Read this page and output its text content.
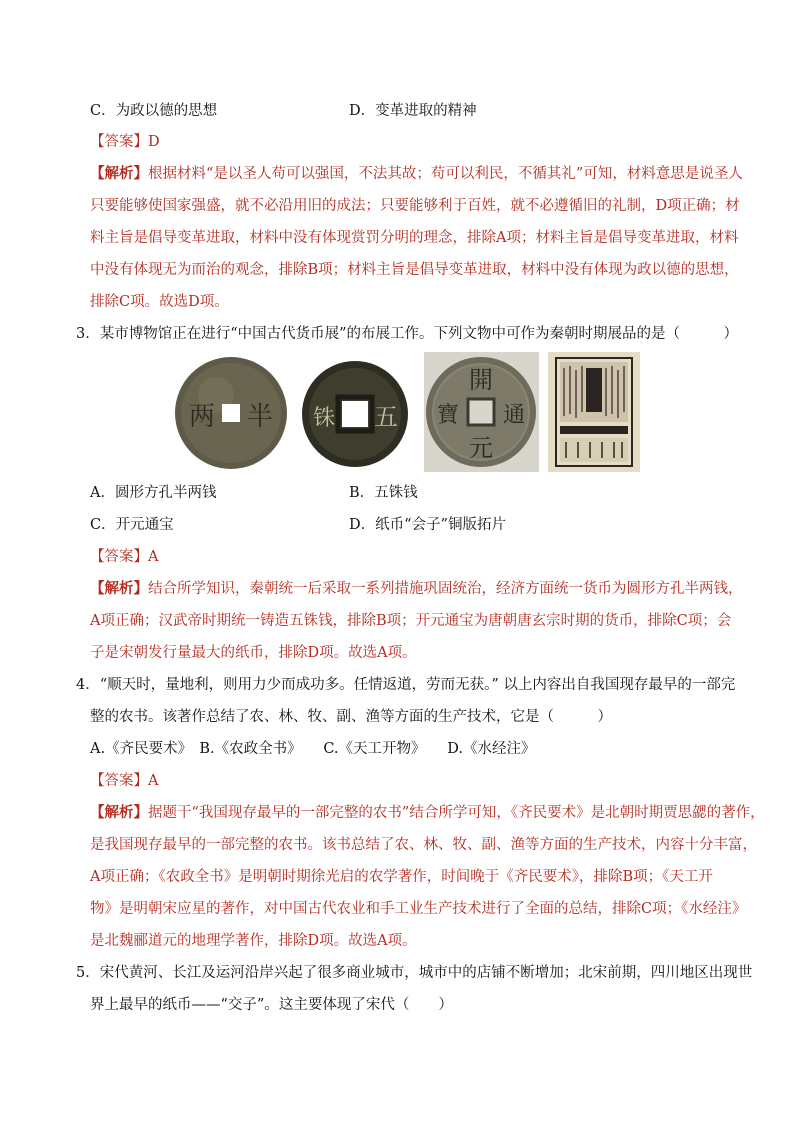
C．为政以德的思想	D．变革进取的精神
【答案】D
【解析】根据材料“是以圣人苟可以强国，不法其故；苟可以利民，不循其礼”可知，材料意思是说圣人
只要能够使国家强盛，就不必沿用旧的成法；只要能够利于百姓，就不必遵循旧的礼制，D项正确；材
料主旨是倡导变革进取，材料中没有体现赏罚分明的理念，排除A项；材料主旨是倡导变革进取，材料
中没有体现无为而治的观念，排除B项；材料主旨是倡导变革进取，材料中没有体现为政以德的思想，
排除C项。故选D项。
3．某市博物馆正在进行“中国古代货币展”的布展工作。下列文物中可作为秦朝时期展品的是（　　　）
两 半	五
铢
開
通
元
寶
A．圆形方孔半两钱	B．五铢钱
C．开元通宝	D．纸币“会子”铜版拓片
【答案】A
【解析】结合所学知识，秦朝统一后采取一系列措施巩固统治，经济方面统一货币为圆形方孔半两钱，
A项正确；汉武帝时期统一铸造五铢钱，排除B项；开元通宝为唐朝唐玄宗时期的货币，排除C项；会
子是宋朝发行量最大的纸币，排除D项。故选A项。
4．“顺天时，量地利，则用力少而成功多。任情返道，劳而无获。” 以上内容出自我国现存最早的一部完
整的农书。该著作总结了农、林、牧、副、渔等方面的生产技术，它是（　　　）
A.《齐民要术》　B.《农政全书》　　C.《天工开物》　　D.《水经注》
【答案】A
【解析】据题干“我国现存最早的一部完整的农书”结合所学可知，《齐民要术》是北朝时期贾思勰的著作，
是我国现存最早的一部完整的农书。该书总结了农、林、牧、副、渔等方面的生产技术，内容十分丰富，
A项正确；《农政全书》是明朝时期徐光启的农学著作，时间晚于《齐民要术》，排除B项；《天工开
物》是明朝宋应星的著作，对中国古代农业和手工业生产技术进行了全面的总结，排除C项；《水经注》
是北魏郦道元的地理学著作，排除D项。故选A项。
5．宋代黄河、长江及运河沿岸兴起了很多商业城市，城市中的店铺不断增加；北宋前期，四川地区出现世
界上最早的纸币——“交子”。这主要体现了宋代（　　）
